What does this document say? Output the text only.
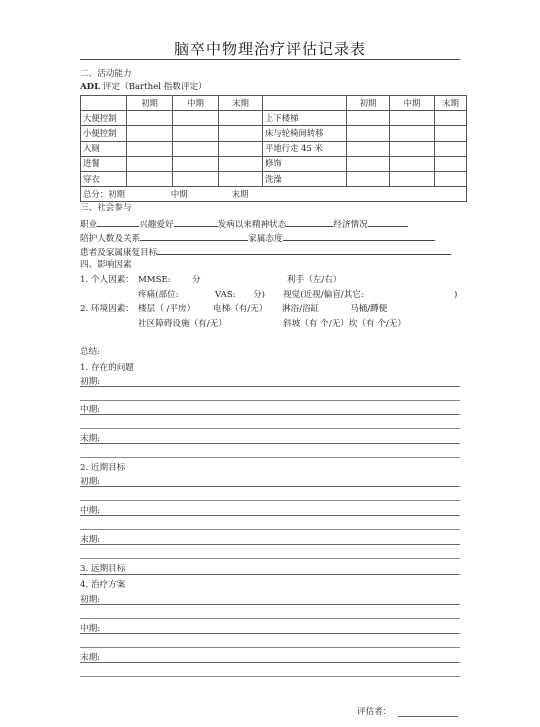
脑卒中物理治疗评估记录表
二、活动能力
ADL 评定（Barthel 指数评定）
	初期	中期	末期		初期	中期	末期
大便控制				上下楼梯			
小便控制				床与轮椅间转移			
入厕				平地行走 45 米			
进餐				修饰			
穿衣				洗澡			
总分：初期 中期 末期							
三、社会参与
职业	兴趣爱好	发病以来精神状态	经济情况
陪护人数及关系	家属态度
患者及家属康复目标
四、影响因素
1. 个人因素： MMSE: 分	利手（左/右）
疼痛(部位:	VAS: 分) 视觉(近视/偏盲/其它:	)
2. 环境因素： 楼层（ /平房） 电梯（有/无） 淋浴/浴缸	马桶/蹲便
社区障碍设施（有/无）	斜坡（有 个/无）坎（有 个/无）
总结:
1. 存在的问题
初期:
中期:
末期:
2. 近期目标
初期:
中期:
末期:
3. 远期目标
4. 治疗方案
初期:
中期:
末期:
评估者：
